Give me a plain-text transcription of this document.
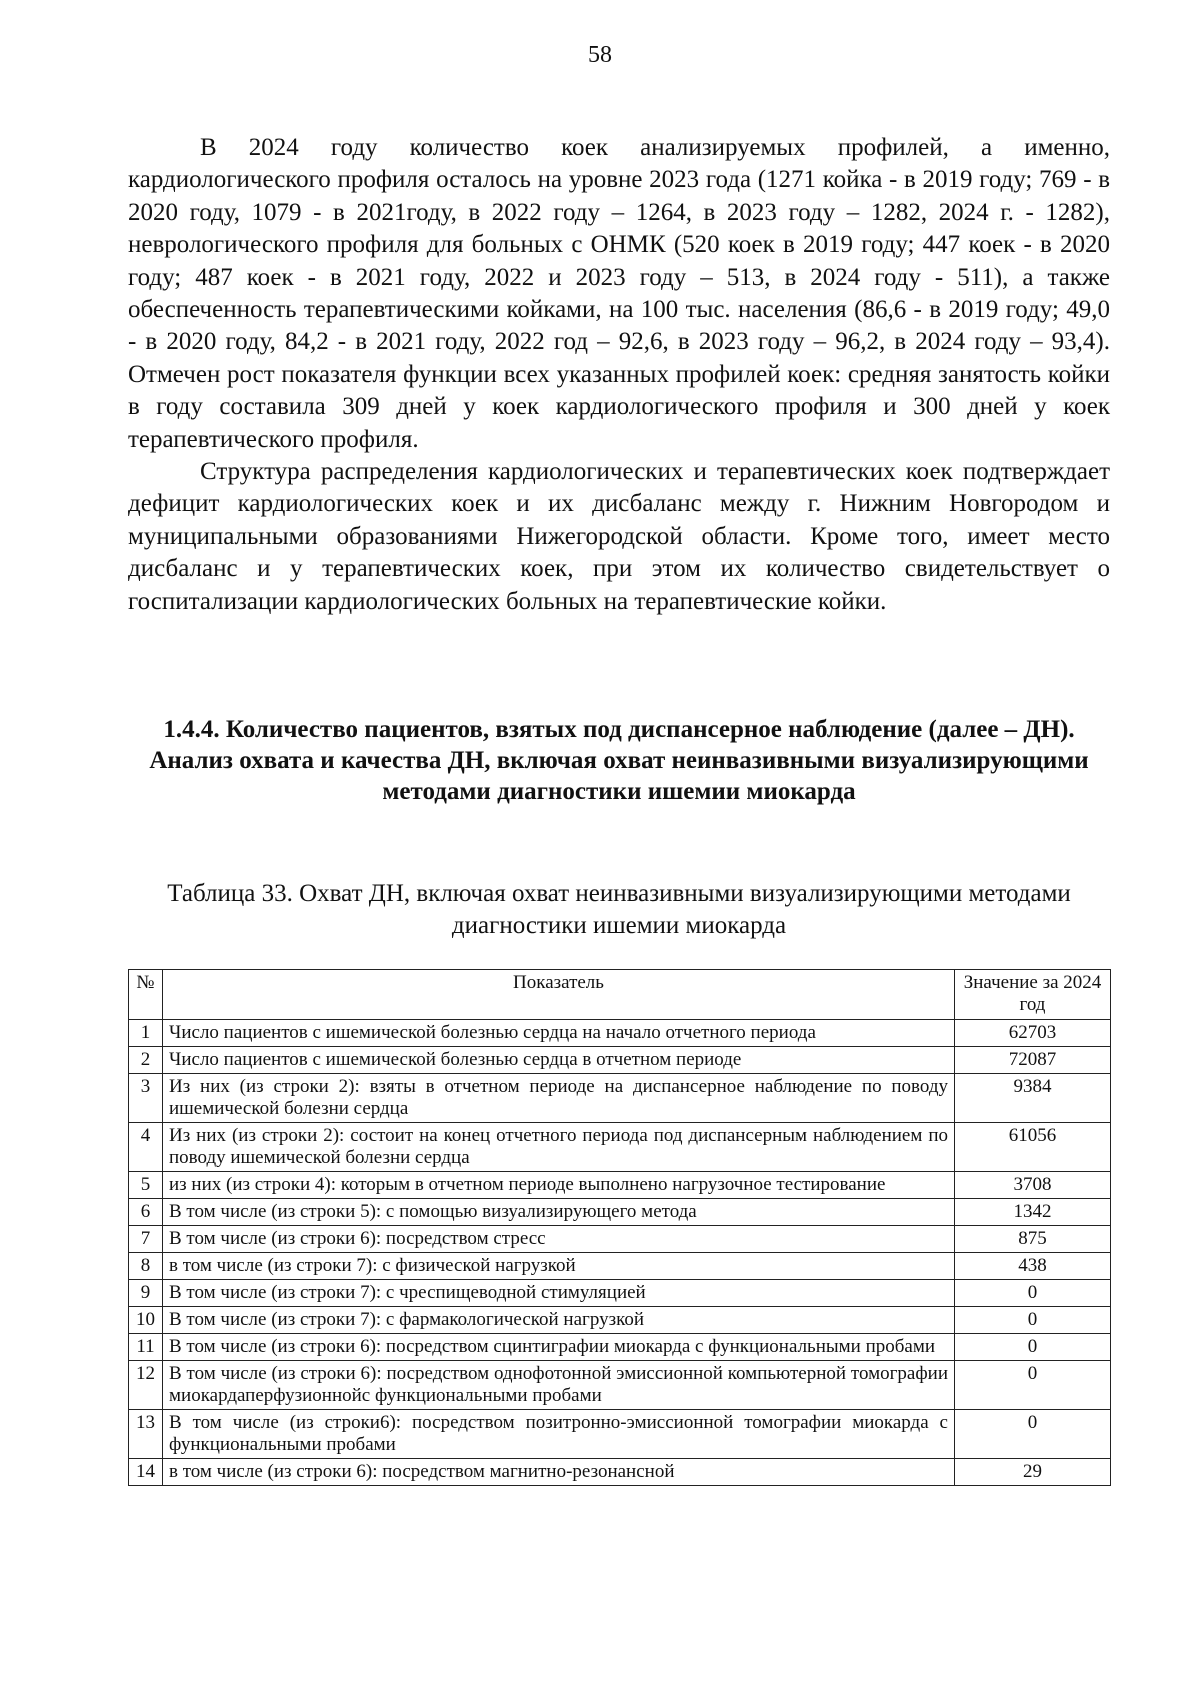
58

В 2024 году количество коек анализируемых профилей, а именно, кардиологического профиля осталось на уровне 2023 года (1271 койка - в 2019 году; 769 - в 2020 году, 1079 - в 2021году, в 2022 году – 1264, в 2023 году – 1282, 2024 г. - 1282), неврологического профиля для больных с ОНМК (520 коек в 2019 году; 447 коек - в 2020 году; 487 коек - в 2021 году, 2022 и 2023 году – 513, в 2024 году - 511), а также обеспеченность терапевтическими койками, на 100 тыс. населения (86,6 - в 2019 году; 49,0 - в 2020 году, 84,2 - в 2021 году, 2022 год – 92,6, в 2023 году – 96,2, в 2024 году – 93,4). Отмечен рост показателя функции всех указанных профилей коек: средняя занятость койки в году составила 309 дней у коек кардиологического профиля и 300 дней у коек терапевтического профиля.

Структура распределения кардиологических и терапевтических коек подтверждает дефицит кардиологических коек и их дисбаланс между г. Нижним Новгородом и муниципальными образованиями Нижегородской области. Кроме того, имеет место дисбаланс и у терапевтических коек, при этом их количество свидетельствует о госпитализации кардиологических больных на терапевтические койки.

1.4.4. Количество пациентов, взятых под диспансерное наблюдение (далее – ДН). Анализ охвата и качества ДН, включая охват неинвазивными визуализирующими методами диагностики ишемии миокарда
Таблица 33. Охват ДН, включая охват неинвазивными визуализирующими методами диагностики ишемии миокарда
№	Показатель	Значение за 2024 год
1	Число пациентов с ишемической болезнью сердца на начало отчетного периода	62703
2	Число пациентов с ишемической болезнью сердца в отчетном периоде	72087
3	Из них (из строки 2): взяты в отчетном периоде на диспансерное наблюдение по поводу ишемической болезни сердца	9384
4	Из них (из строки 2): состоит на конец отчетного периода под диспансерным наблюдением по поводу ишемической болезни сердца	61056
5	из них (из строки 4): которым в отчетном периоде выполнено нагрузочное тестирование	3708
6	В том числе (из строки 5): с помощью визуализирующего метода	1342
7	В том числе (из строки 6): посредством стресс	875
8	в том числе (из строки 7): с физической нагрузкой	438
9	В том числе (из строки 7): с чреспищеводной стимуляцией	0
10	В том числе (из строки 7): с фармакологической нагрузкой	0
11	В том числе (из строки 6): посредством сцинтиграфии миокарда с функциональными пробами	0
12	В том числе (из строки 6): посредством однофотонной эмиссионной компьютерной томографии миокардаперфузионнойс функциональными пробами	0
13	В том числе (из строки6): посредством позитронно-эмиссионной томографии миокарда с функциональными пробами	0
14	в том числе (из строки 6): посредством магнитно-резонансной	29
